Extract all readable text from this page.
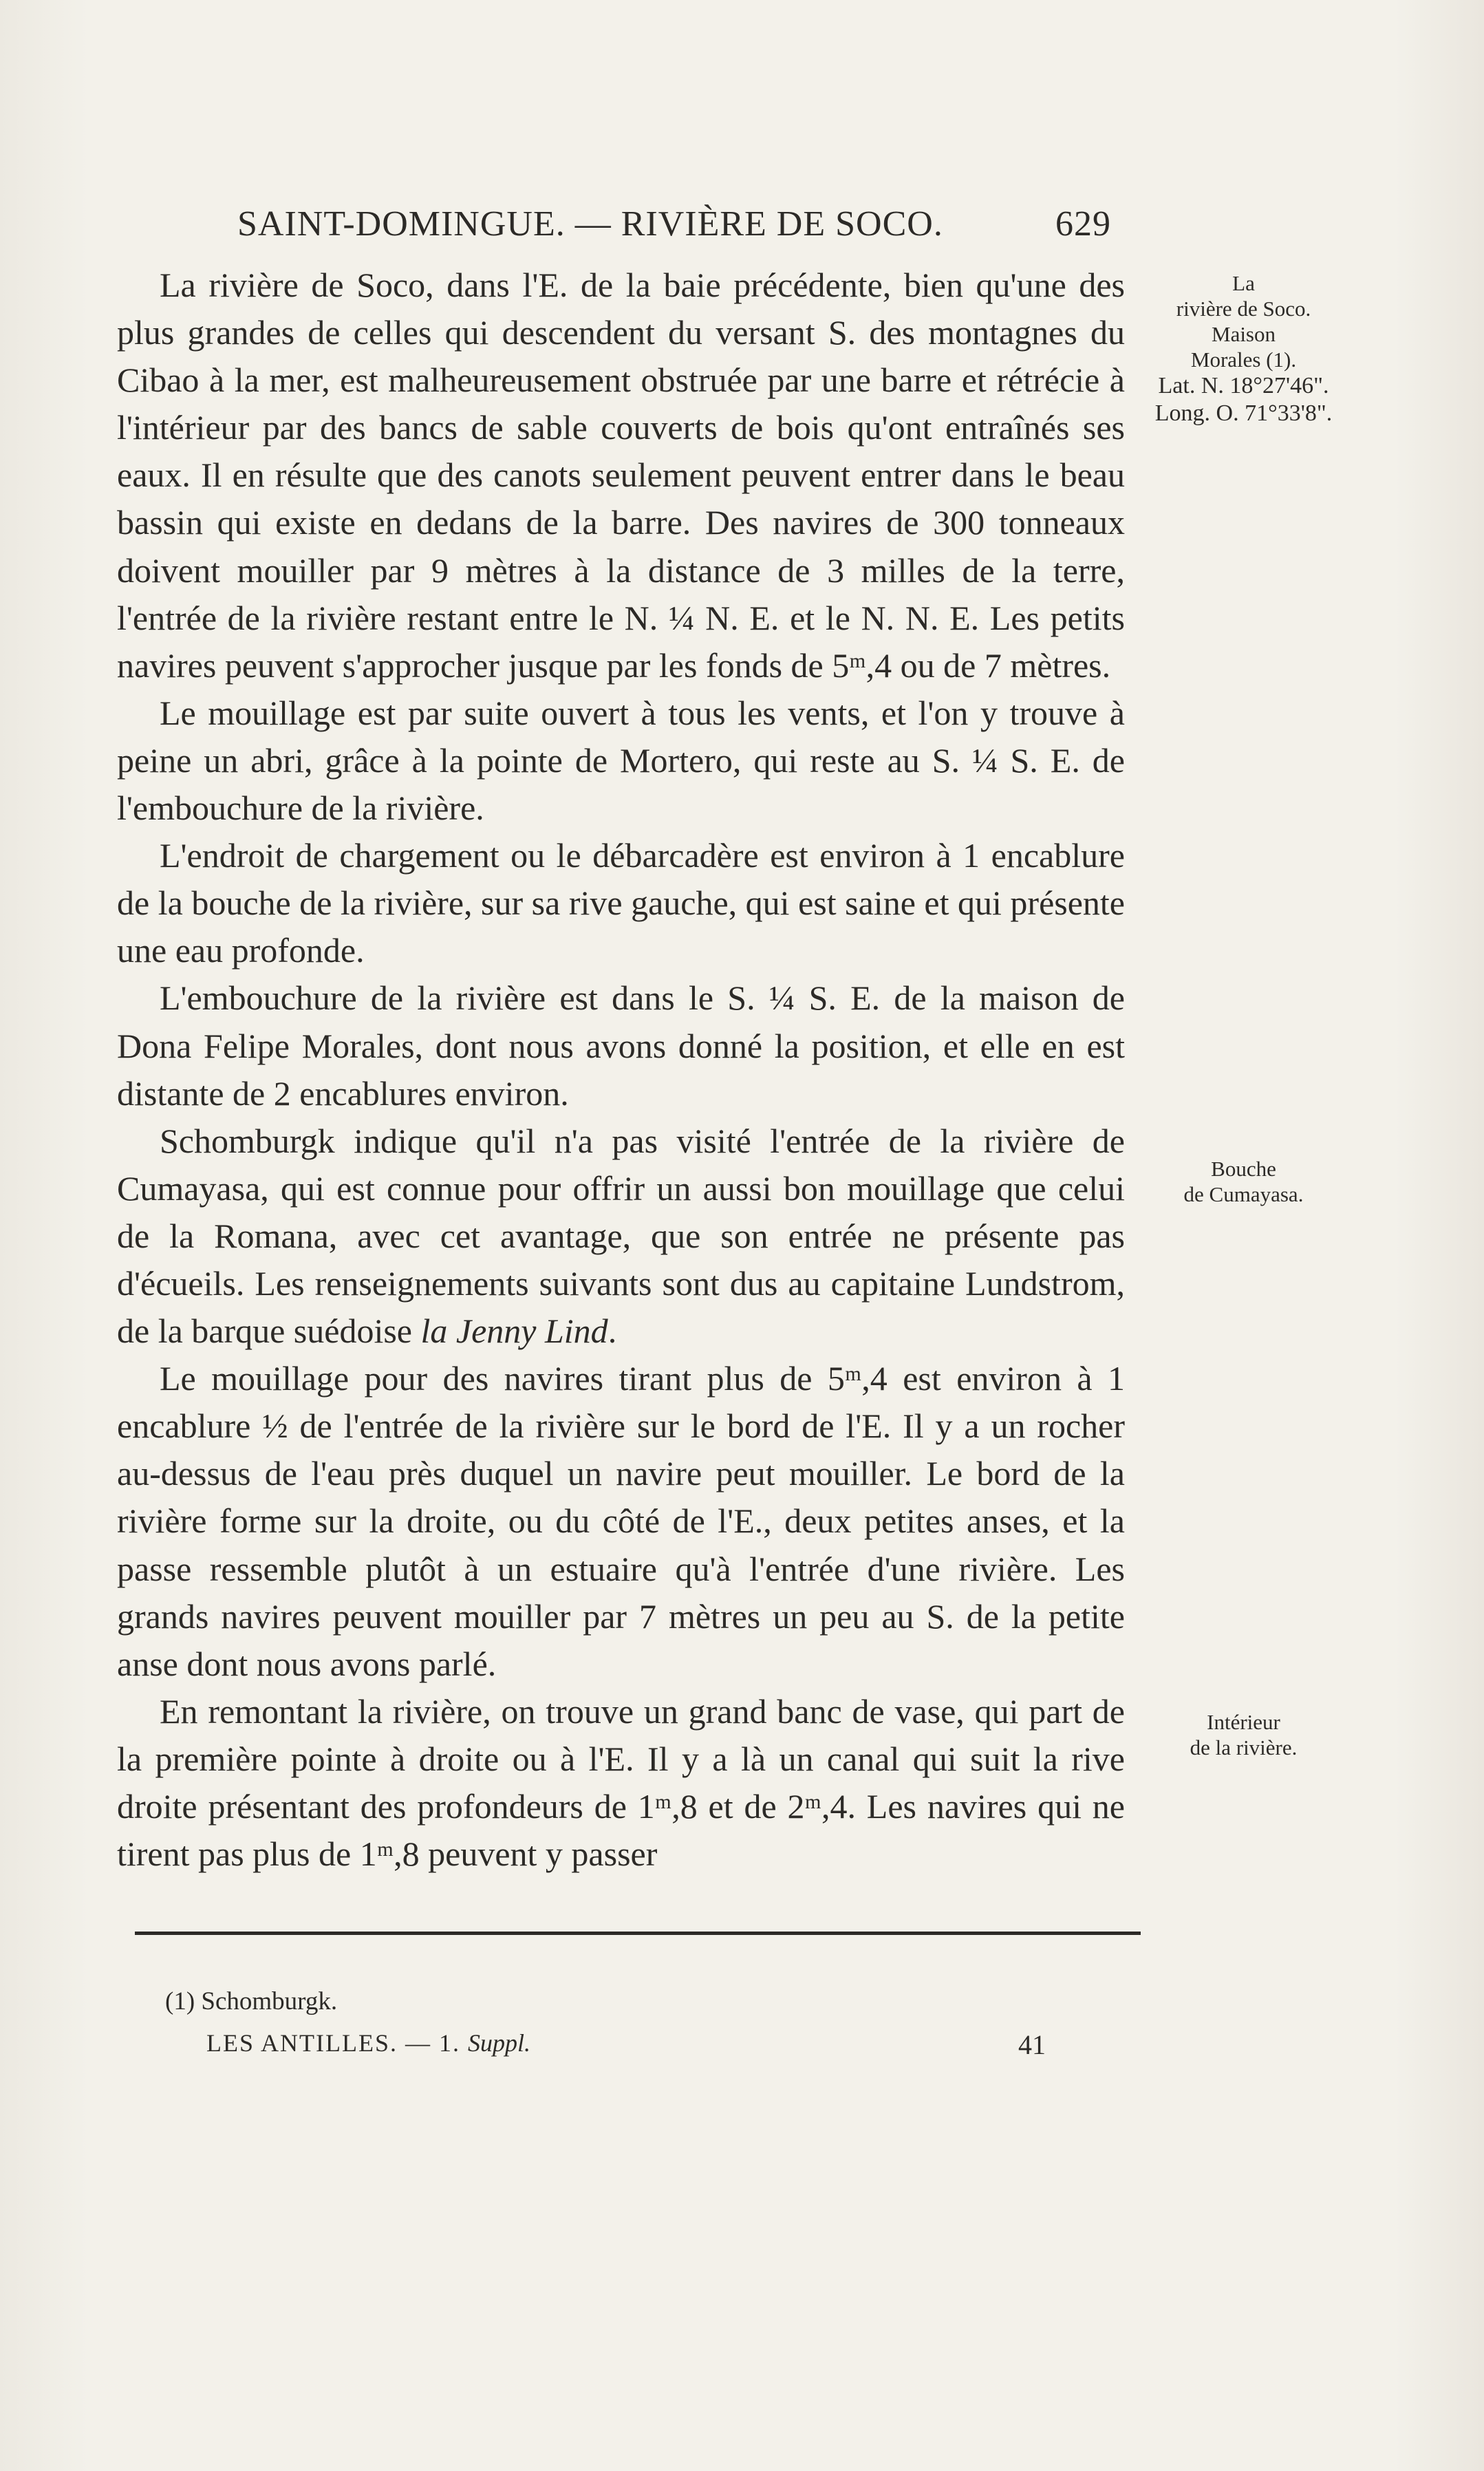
SAINT-DOMINGUE. — RIVIÈRE DE SOCO.	629

La rivière de Soco, dans l'E. de la baie précédente, bien qu'une des plus grandes de celles qui descendent du versant S. des montagnes du Cibao à la mer, est malheureusement obstruée par une barre et rétrécie à l'intérieur par des bancs de sable couverts de bois qu'ont entraînés ses eaux. Il en résulte que des canots seulement peuvent entrer dans le beau bassin qui existe en dedans de la barre. Des navires de 300 tonneaux doivent mouiller par 9 mètres à la distance de 3 milles de la terre, l'entrée de la rivière restant entre le N. ¼ N. E. et le N. N. E. Les petits navires peuvent s'approcher jusque par les fonds de 5ᵐ,4 ou de 7 mètres.

Le mouillage est par suite ouvert à tous les vents, et l'on y trouve à peine un abri, grâce à la pointe de Mortero, qui reste au S. ¼ S. E. de l'embouchure de la rivière.

L'endroit de chargement ou le débarcadère est environ à 1 encablure de la bouche de la rivière, sur sa rive gauche, qui est saine et qui présente une eau profonde.

L'embouchure de la rivière est dans le S. ¼ S. E. de la maison de Dona Felipe Morales, dont nous avons donné la position, et elle en est distante de 2 encablures environ.

Schomburgk indique qu'il n'a pas visité l'entrée de la rivière de Cumayasa, qui est connue pour offrir un aussi bon mouillage que celui de la Romana, avec cet avantage, que son entrée ne présente pas d'écueils. Les renseignements suivants sont dus au capitaine Lundstrom, de la barque suédoise la Jenny Lind.

Le mouillage pour des navires tirant plus de 5ᵐ,4 est environ à 1 encablure ½ de l'entrée de la rivière sur le bord de l'E. Il y a un rocher au-dessus de l'eau près duquel un navire peut mouiller. Le bord de la rivière forme sur la droite, ou du côté de l'E., deux petites anses, et la passe ressemble plutôt à un estuaire qu'à l'entrée d'une rivière. Les grands navires peuvent mouiller par 7 mètres un peu au S. de la petite anse dont nous avons parlé.

En remontant la rivière, on trouve un grand banc de vase, qui part de la première pointe à droite ou à l'E. Il y a là un canal qui suit la rive droite présentant des profondeurs de 1ᵐ,8 et de 2ᵐ,4. Les navires qui ne tirent pas plus de 1ᵐ,8 peuvent y passer

La
rivière de Soco.
Maison
Morales (1).
Lat. N. 18°27'46".
Long. O. 71°33'8".
Bouche
de Cumayasa.
Intérieur
de la rivière.
(1) Schomburgk.
LES ANTILLES. — 1. Suppl.	41
